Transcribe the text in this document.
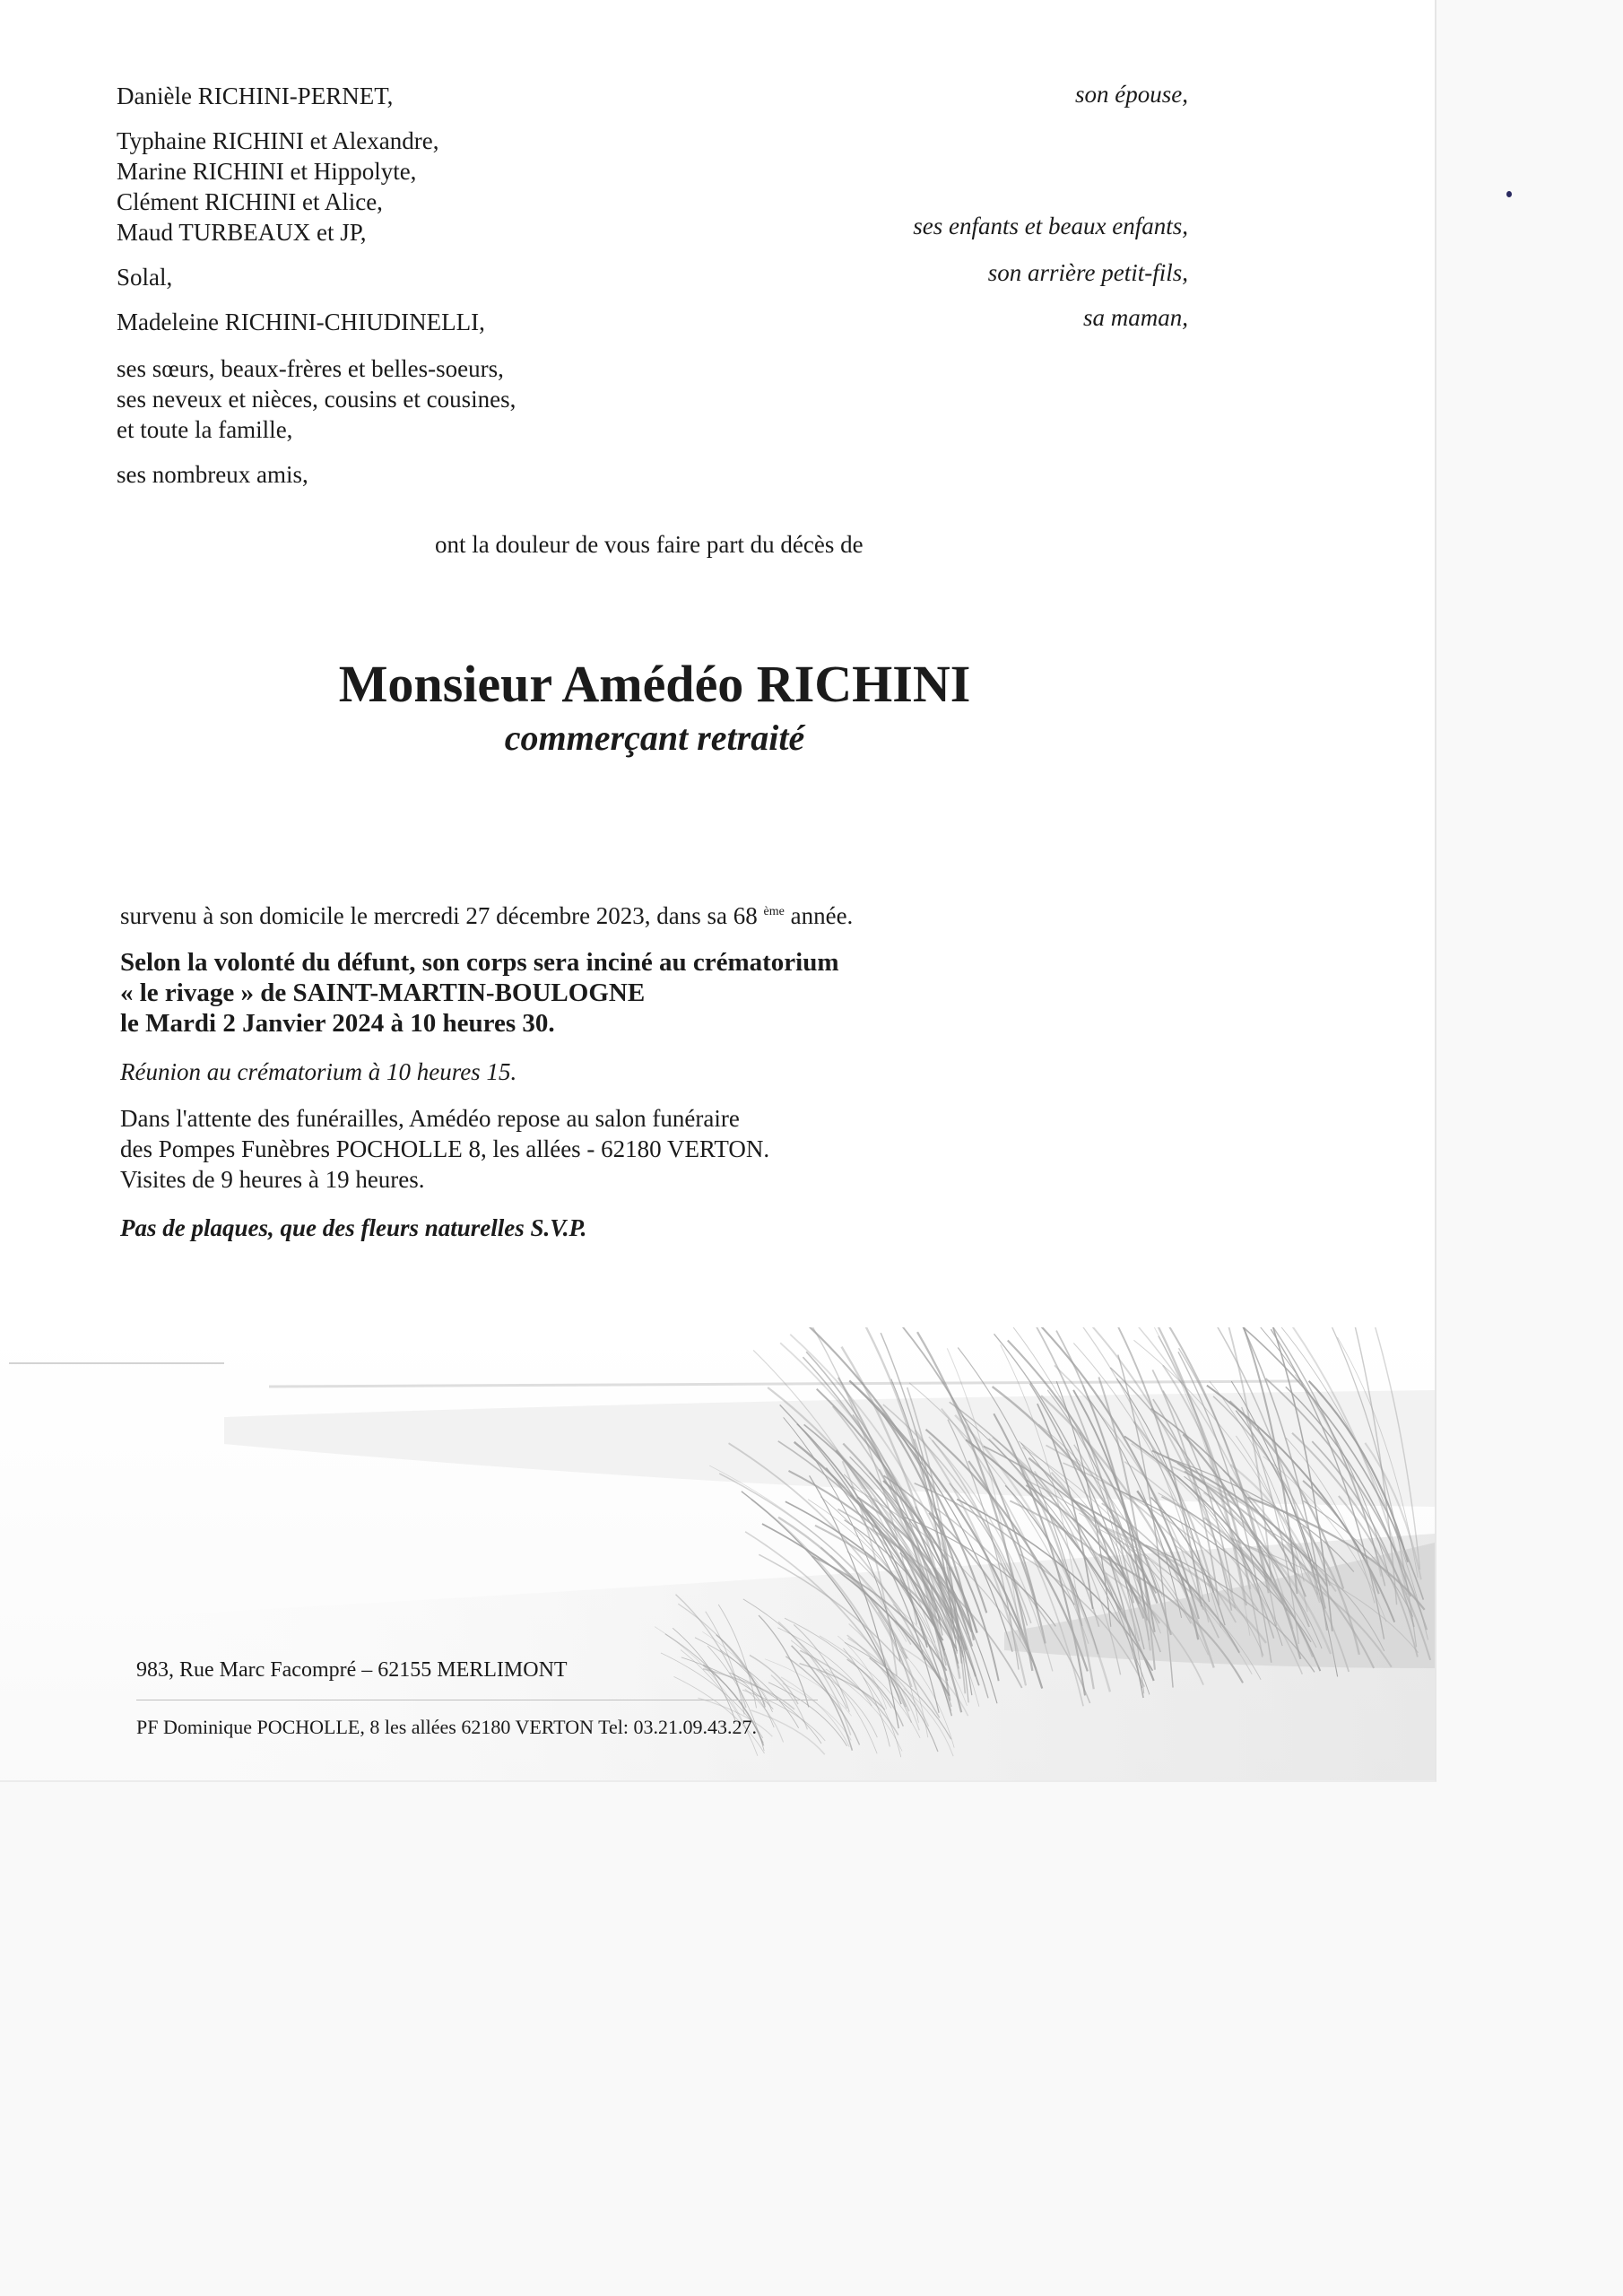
Danièle RICHINI-PERNET,
Typhaine RICHINI et Alexandre,
Marine RICHINI et Hippolyte,
Clément RICHINI et Alice,
Maud TURBEAUX et JP,
Solal,
Madeleine RICHINI-CHIUDINELLI,
ses sœurs, beaux-frères et belles-soeurs,
ses neveux et nièces, cousins et cousines,
et toute la famille,
ses nombreux amis,
son épouse,
ses enfants et beaux enfants,
son arrière petit-fils,
sa maman,
ont la douleur de vous faire part du décès de
Monsieur Amédéo RICHINI
commerçant retraité
survenu à son domicile le mercredi 27 décembre 2023, dans sa 68 $^{ème}$ année.
Selon la volonté du défunt, son corps sera inciné au crématorium
« le rivage » de SAINT-MARTIN-BOULOGNE
le Mardi 2 Janvier 2024 à 10 heures 30.
Réunion au crématorium à 10 heures 15.
Dans l'attente des funérailles, Amédéo repose au salon funéraire
des Pompes Funèbres POCHOLLE 8, les allées - 62180 VERTON.
Visites de 9 heures à 19 heures.
Pas de plaques, que des fleurs naturelles S.V.P.
983, Rue Marc Facompré – 62155 MERLIMONT
PF Dominique POCHOLLE, 8 les allées 62180 VERTON Tel: 03.21.09.43.27.
